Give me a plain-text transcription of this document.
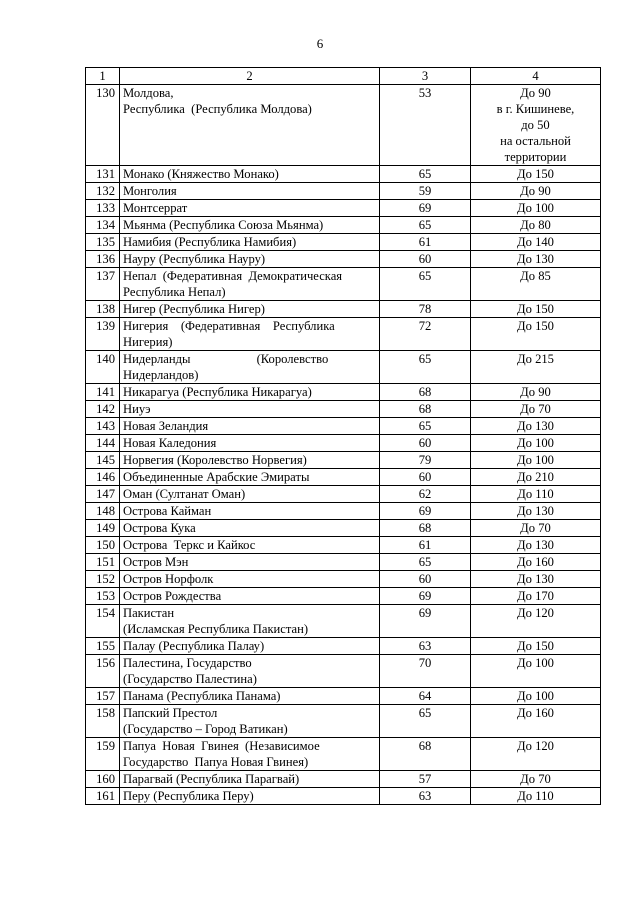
6
1	2	3	4
130	Молдова,
Республика  (Республика Молдова)	53	До 90
в г. Кишиневе,
до 50
на остальной
территории

131	Монако (Княжество Монако)	65	До 150

132	Монголия	59	До 90

133	Монтсеррат	69	До 100

134	Мьянма (Республика Союза Мьянма)	65	До 80

135	Намибия (Республика Намибия)	61	До 140

136	Науру (Республика Науру)	60	До 130

137	Непал  (Федеративная  Демократическая
Республика Непал)	65	До 85

138	Нигер (Республика Нигер)	78	До 150

139	Нигерия    (Федеративная    Республика
Нигерия)	72	До 150

140	Нидерланды                     (Королевство
Нидерландов)	65	До 215

141	Никарагуа (Республика Никарагуа)	68	До 90

142	Ниуэ	68	До 70

143	Новая Зеландия	65	До 130

144	Новая Каледония	60	До 100

145	Норвегия (Королевство Норвегия)	79	До 100

146	Объединенные Арабские Эмираты	60	До 210

147	Оман (Султанат Оман)	62	До 110

148	Острова Кайман	69	До 130

149	Острова Кука	68	До 70

150	Острова  Теркс и Кайкос	61	До 130

151	Остров Мэн	65	До 160

152	Остров Норфолк	60	До 130

153	Остров Рождества	69	До 170

154	Пакистан
(Исламская Республика Пакистан)	69	До 120

155	Палау (Республика Палау)	63	До 150

156	Палестина, Государство
(Государство Палестина)	70	До 100

157	Панама (Республика Панама)	64	До 100

158	Папский Престол
(Государство – Город Ватикан)	65	До 160

159	Папуа  Новая  Гвинея  (Независимое
Государство  Папуа Новая Гвинея)	68	До 120

160	Парагвай (Республика Парагвай)	57	До 70

161	Перу (Республика Перу)	63	До 110
